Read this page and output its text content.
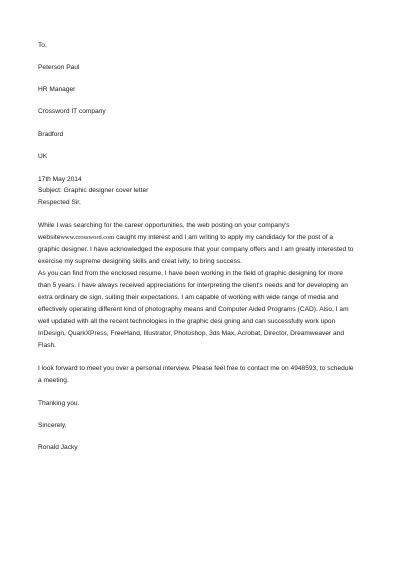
To,
Peterson Paul
HR Manager
Crossword IT company
Bradford
UK
17th May 2014
Subject: Graphic designer cover letter
Respected Sir,
While I was searching for the career opportunities, the web posting on your company's
websitewww.crossword.com caught my interest and I am writing to apply my candidacy for the post of a
graphic designer. I have acknowledged the exposure that your company offers and I am greatly interested to
exercise my supreme designing skills and creat ivity, to bring success.
As you can find from the enclosed resume, I have been working in the field of graphic designing for more
than 5 years. I have always received appreciations for interpreting the client's needs and for developing an
extra ordinary de sign, suiting their expectations. I am capable of working with wide range of media and
effectively operating different kind of photography means and Computer Aided Programs (CAD). Also, I am
well updated with all the recent technologies in the graphic desi gning and can successfully work upon
InDesign, QuarkXPress, FreeHand, Illustrator, Photoshop, 3ds Max, Acrobat, Director, Dreamweaver and
Flash.
I look forward to meet you over a personal interview. Please feel free to contact me on 4948593, to schedule
a meeting.
Thanking you.
Sincerely,
Ronald Jacky
